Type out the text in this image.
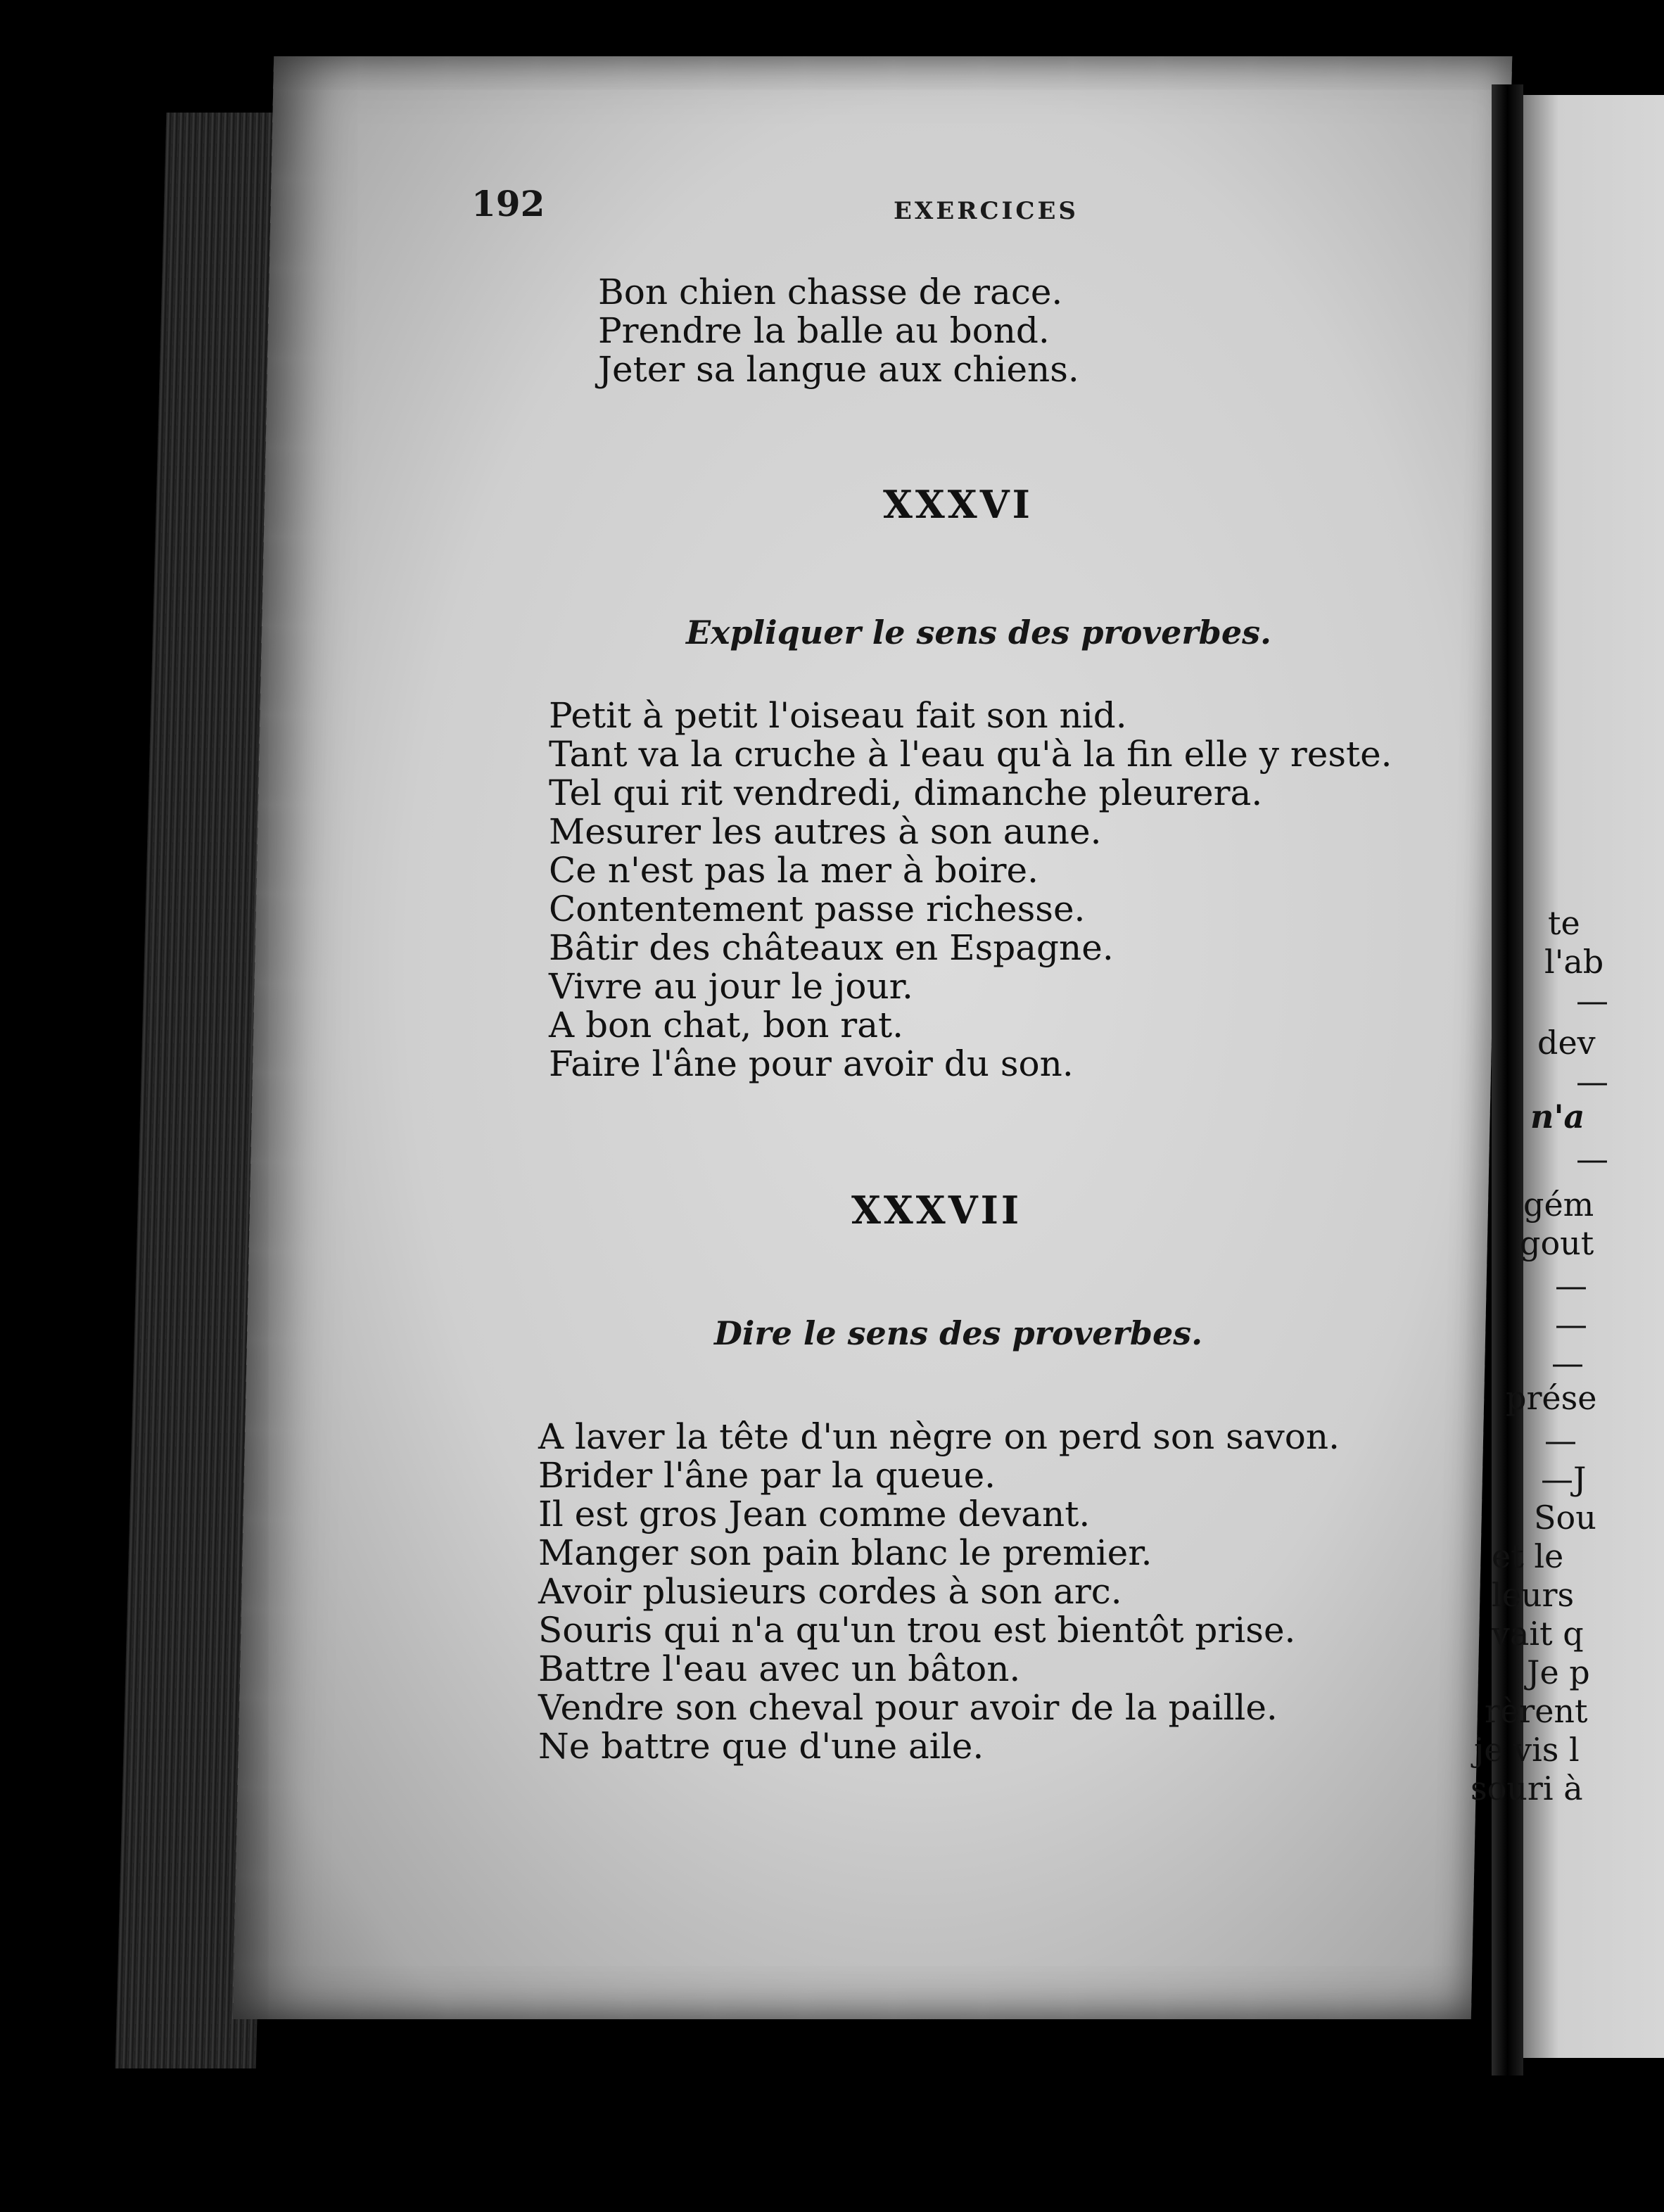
192	EXERCICES
Bon chien chasse de race.
Prendre la balle au bond.
Jeter sa langue aux chiens.
XXXVI
Expliquer le sens des proverbes.
Petit à petit l'oiseau fait son nid.
Tant va la cruche à l'eau qu'à la fin elle y reste.
Tel qui rit vendredi, dimanche pleurera.
Mesurer les autres à son aune.
Ce n'est pas la mer à boire.
Contentement passe richesse.
Bâtir des châteaux en Espagne.
Vivre au jour le jour.
A bon chat, bon rat.
Faire l'âne pour avoir du son.
XXXVII
Dire le sens des proverbes.
A laver la tête d'un nègre on perd son savon.
Brider l'âne par la queue.
Il est gros Jean comme devant.
Manger son pain blanc le premier.
Avoir plusieurs cordes à son arc.
Souris qui n'a qu'un trou est bientôt prise.
Battre l'eau avec un bâton.
Vendre son cheval pour avoir de la paille.
Ne battre que d'une aile.
te
l'ab
—
dev
—
n'a
—
gém
gout
—
—
—
prése
—
—J
Sou
et le
leurs
vait q
Je p
rèrent
je vis l
souri à
